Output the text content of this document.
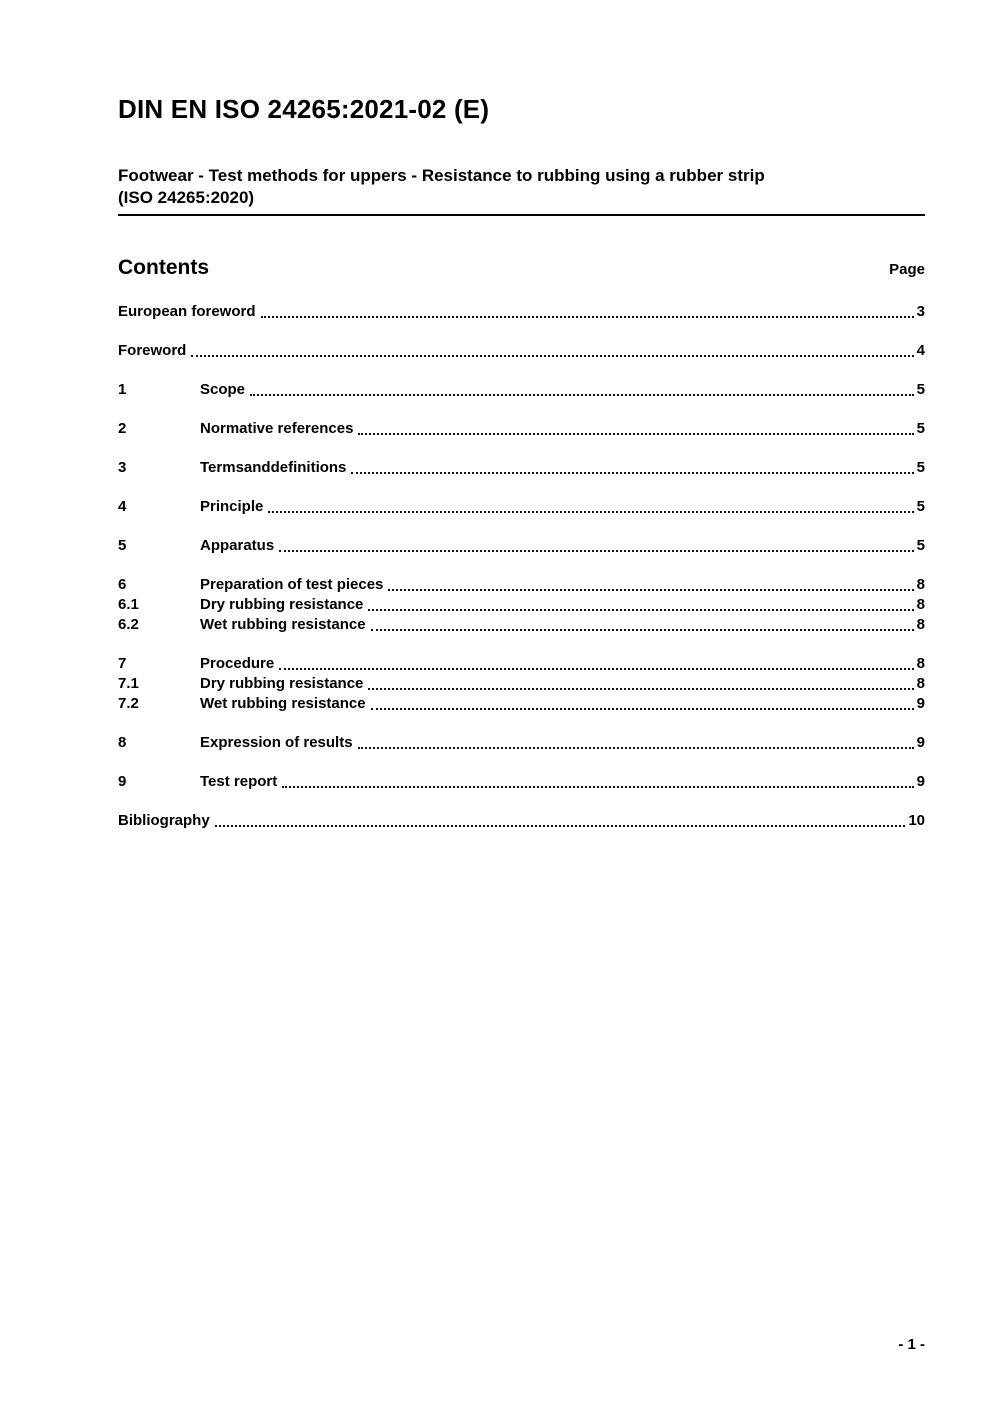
DIN EN ISO 24265:2021-02 (E)
Footwear - Test methods for uppers - Resistance to rubbing using a rubber strip
(ISO 24265:2020)
Contents	Page
European foreword	3
Foreword	4
1	Scope	5
2	Normative references	5
3	Termsanddefinitions	5
4	Principle	5
5	Apparatus	5
6	Preparation of test pieces	8
6.1	Dry rubbing resistance	8
6.2	Wet rubbing resistance	8
7	Procedure	8
7.1	Dry rubbing resistance	8
7.2	Wet rubbing resistance	9
8	Expression of results	9
9	Test report	9
Bibliography	10
- 1 -
